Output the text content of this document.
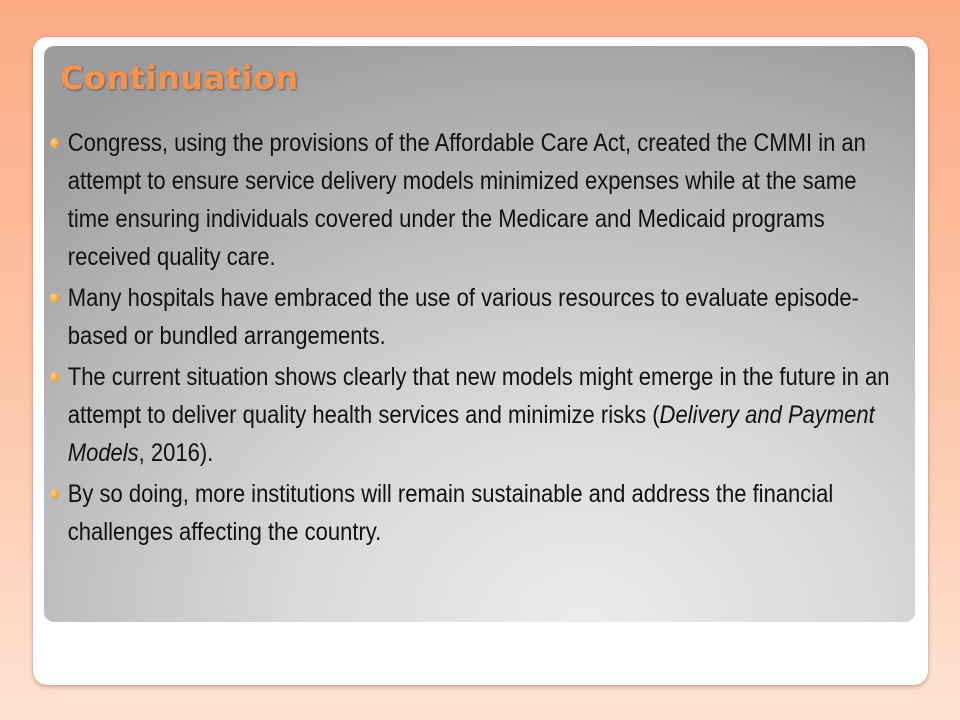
Continuation
Congress, using the provisions of the Affordable Care Act, created the CMMI in an attempt to ensure service delivery models minimized expenses while at the same time ensuring individuals covered under the Medicare and Medicaid programs received quality care.
Many hospitals have embraced the use of various resources to evaluate episode-based or bundled arrangements.
The current situation shows clearly that new models might emerge in the future in an attempt to deliver quality health services and minimize risks (Delivery and Payment Models, 2016).
By so doing, more institutions will remain sustainable and address the financial challenges affecting the country.
